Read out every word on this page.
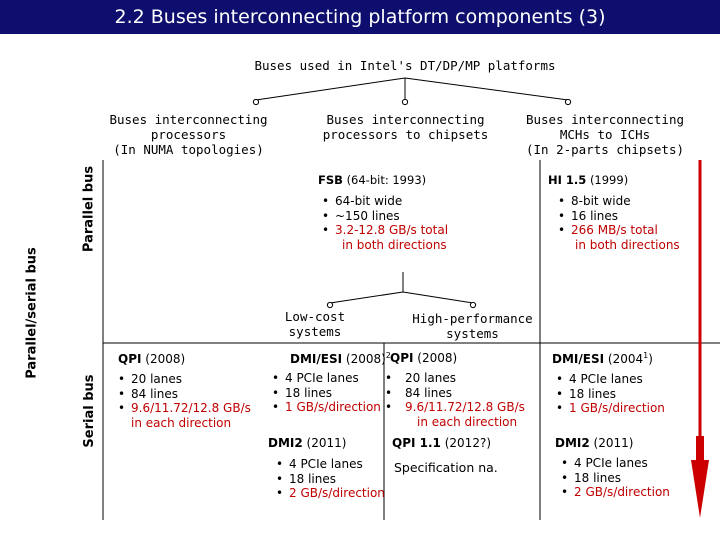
2.2 Buses interconnecting platform components (3)
Buses used in Intel's DT/DP/MP platforms
Buses interconnecting
processors
(In NUMA topologies)
Buses interconnecting
processors to chipsets
Buses interconnecting
MCHs to ICHs
(In 2-parts chipsets)
Parallel/serial bus
Parallel bus
Serial bus
FSB (64-bit: 1993)
• 64-bit wide
• ~150 lines
• 3.2-12.8 GB/s total
in both directions
HI 1.5 (1999)
• 8-bit wide
• 16 lines
• 266 MB/s total
in both directions
Low-cost
systems
High-performance
systems
QPI (2008)
• 20 lanes
• 84 lines
• 9.6/11.72/12.8 GB/s
in each direction
DMI/ESI $(2008)^2$
• 4 PCIe lanes
• 18 lines
• 1 GB/s/direction
QPI (2008)
• 20 lanes
• 84 lines
• 9.6/11.72/12.8 GB/s
in each direction
DMI/ESI (2004$^1$)
• 4 PCIe lanes
• 18 lines
• 1 GB/s/direction
DMI2 (2011)
• 4 PCIe lanes
• 18 lines
• 2 GB/s/direction
QPI 1.1 (2012?)
Specification na.
DMI2 (2011)
• 4 PCIe lanes
• 18 lines
• 2 GB/s/direction
